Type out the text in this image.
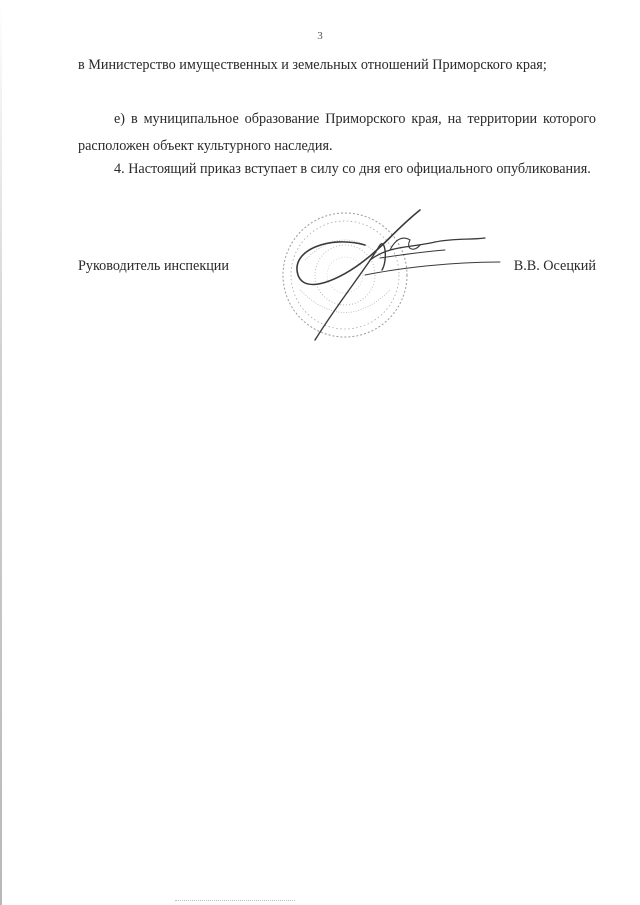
3

в Министерство имущественных и земельных отношений Приморского края;

е) в муниципальное образование Приморского края, на территории которого расположен объект культурного наследия.

4. Настоящий приказ вступает в силу со дня его официального опубликования.

Руководитель инспекции	В.В. Осецкий
